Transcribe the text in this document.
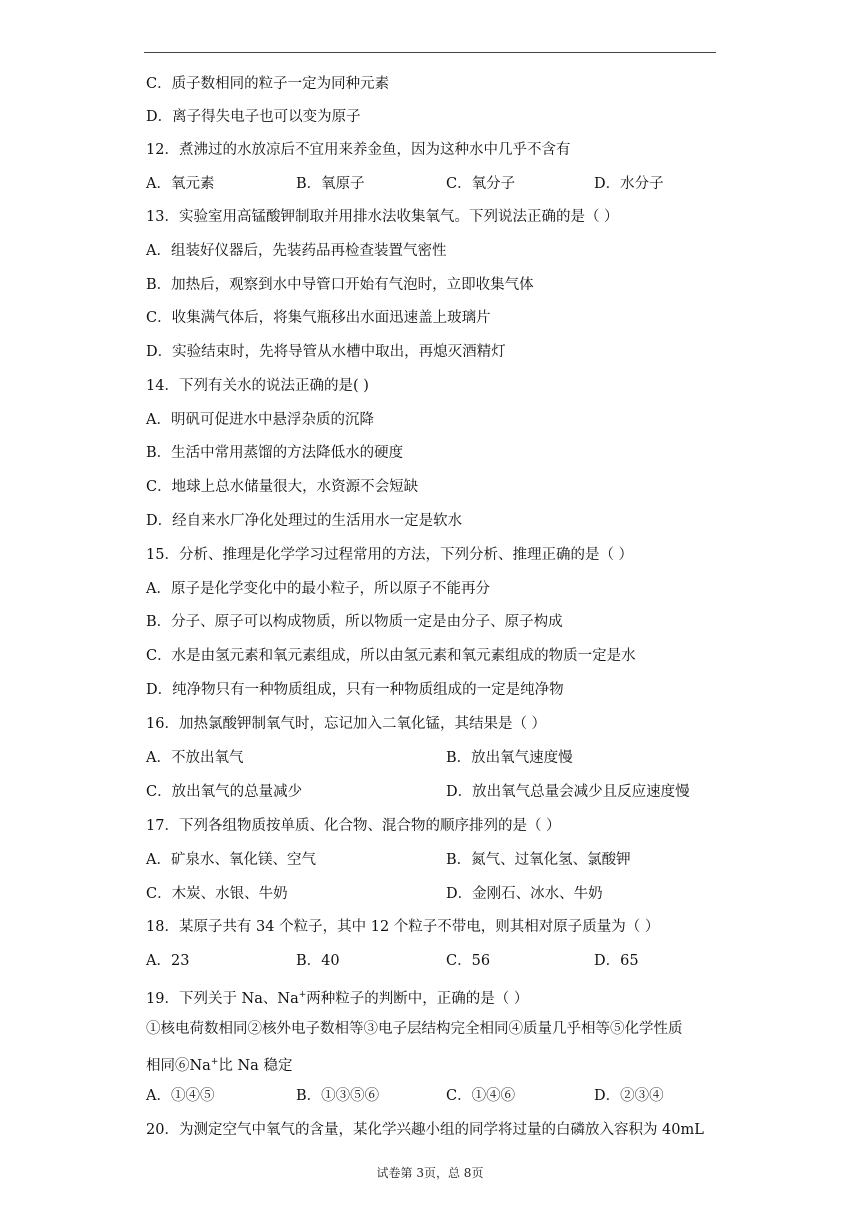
C．质子数相同的粒子一定为同种元素
D．离子得失电子也可以变为原子
12．煮沸过的水放凉后不宜用来养金鱼，因为这种水中几乎不含有
A．氧元素	B．氧原子	C．氧分子	D．水分子
13．实验室用高锰酸钾制取并用排水法收集氧气。下列说法正确的是（ ）
A．组装好仪器后，先装药品再检查装置气密性
B．加热后，观察到水中导管口开始有气泡时，立即收集气体
C．收集满气体后，将集气瓶移出水面迅速盖上玻璃片
D．实验结束时，先将导管从水槽中取出，再熄灭酒精灯
14．下列有关水的说法正确的是( )
A．明矾可促进水中悬浮杂质的沉降
B．生活中常用蒸馏的方法降低水的硬度
C．地球上总水储量很大，水资源不会短缺
D．经自来水厂净化处理过的生活用水一定是软水
15．分析、推理是化学学习过程常用的方法，下列分析、推理正确的是（ ）
A．原子是化学变化中的最小粒子，所以原子不能再分
B．分子、原子可以构成物质，所以物质一定是由分子、原子构成
C．水是由氢元素和氧元素组成，所以由氢元素和氧元素组成的物质一定是水
D．纯净物只有一种物质组成，只有一种物质组成的一定是纯净物
16．加热氯酸钾制氧气时，忘记加入二氧化锰，其结果是（ ）
A．不放出氧气	B．放出氧气速度慢
C．放出氧气的总量减少	D．放出氧气总量会减少且反应速度慢
17．下列各组物质按单质、化合物、混合物的顺序排列的是（ ）
A．矿泉水、氧化镁、空气	B．氮气、过氧化氢、氯酸钾
C．木炭、水银、牛奶	D．金刚石、冰水、牛奶
18．某原子共有 34 个粒子，其中 12 个粒子不带电，则其相对原子质量为（ ）
A．23	B．40	C．56	D．65
19．下列关于 Na、Na+两种粒子的判断中，正确的是（ ）
①核电荷数相同②核外电子数相等③电子层结构完全相同④质量几乎相等⑤化学性质
相同⑥Na+比 Na 稳定
A．①④⑤	B．①③⑤⑥	C．①④⑥	D．②③④
20．为测定空气中氧气的含量，某化学兴趣小组的同学将过量的白磷放入容积为 40mL
试卷第 3页，总 8页
